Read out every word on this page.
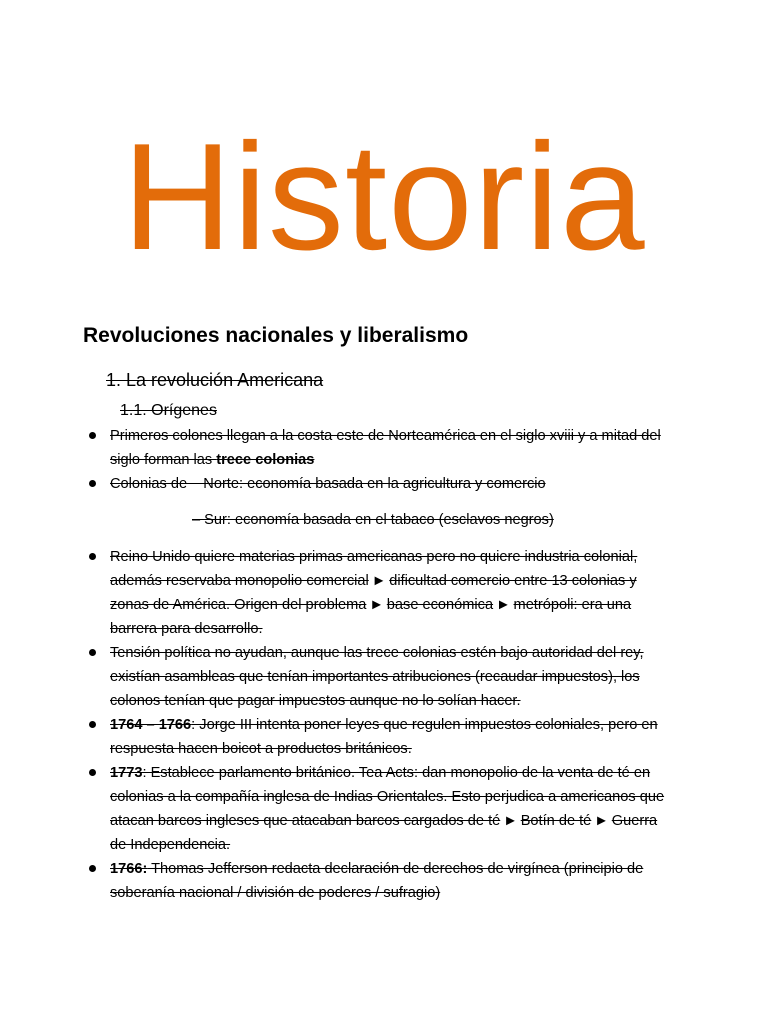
Historia
Revoluciones nacionales y liberalismo
1. La revolución Americana
1.1. Orígenes
Primeros colones llegan a la costa este de Norteamérica en el siglo xviii y a mitad del siglo forman las trece colonias
Colonias de    Norte: economía basada en la agricultura y comercio
– Sur: economía basada en el tabaco (esclavos negros)
Reino Unido quiere materias primas americanas pero no quiere industria colonial, además reservaba monopolio comercial ► dificultad comercio entre 13 colonias y zonas de América. Origen del problema ► base económica ► metrópoli: era una barrera para desarrollo.
Tensión política no ayudan, aunque las trece colonias estén bajo autoridad del rey, existían asambleas que tenían importantes atribuciones (recaudar impuestos), los colonos tenían que pagar impuestos aunque no lo solían hacer.
1764 – 1766: Jorge III intenta poner leyes que regulen impuestos coloniales, pero en respuesta hacen boicot a productos británicos.
1773: Establece parlamento británico. Tea Acts: dan monopolio de la venta de té en colonias a la compañía inglesa de Indias Orientales. Esto perjudica a americanos que atacan barcos ingleses que atacaban barcos cargados de té ► Botín de té ► Guerra de Independencia.
1766: Thomas Jefferson redacta declaración de derechos de virgínea (principio de soberanía nacional / división de poderes / sufragio)
